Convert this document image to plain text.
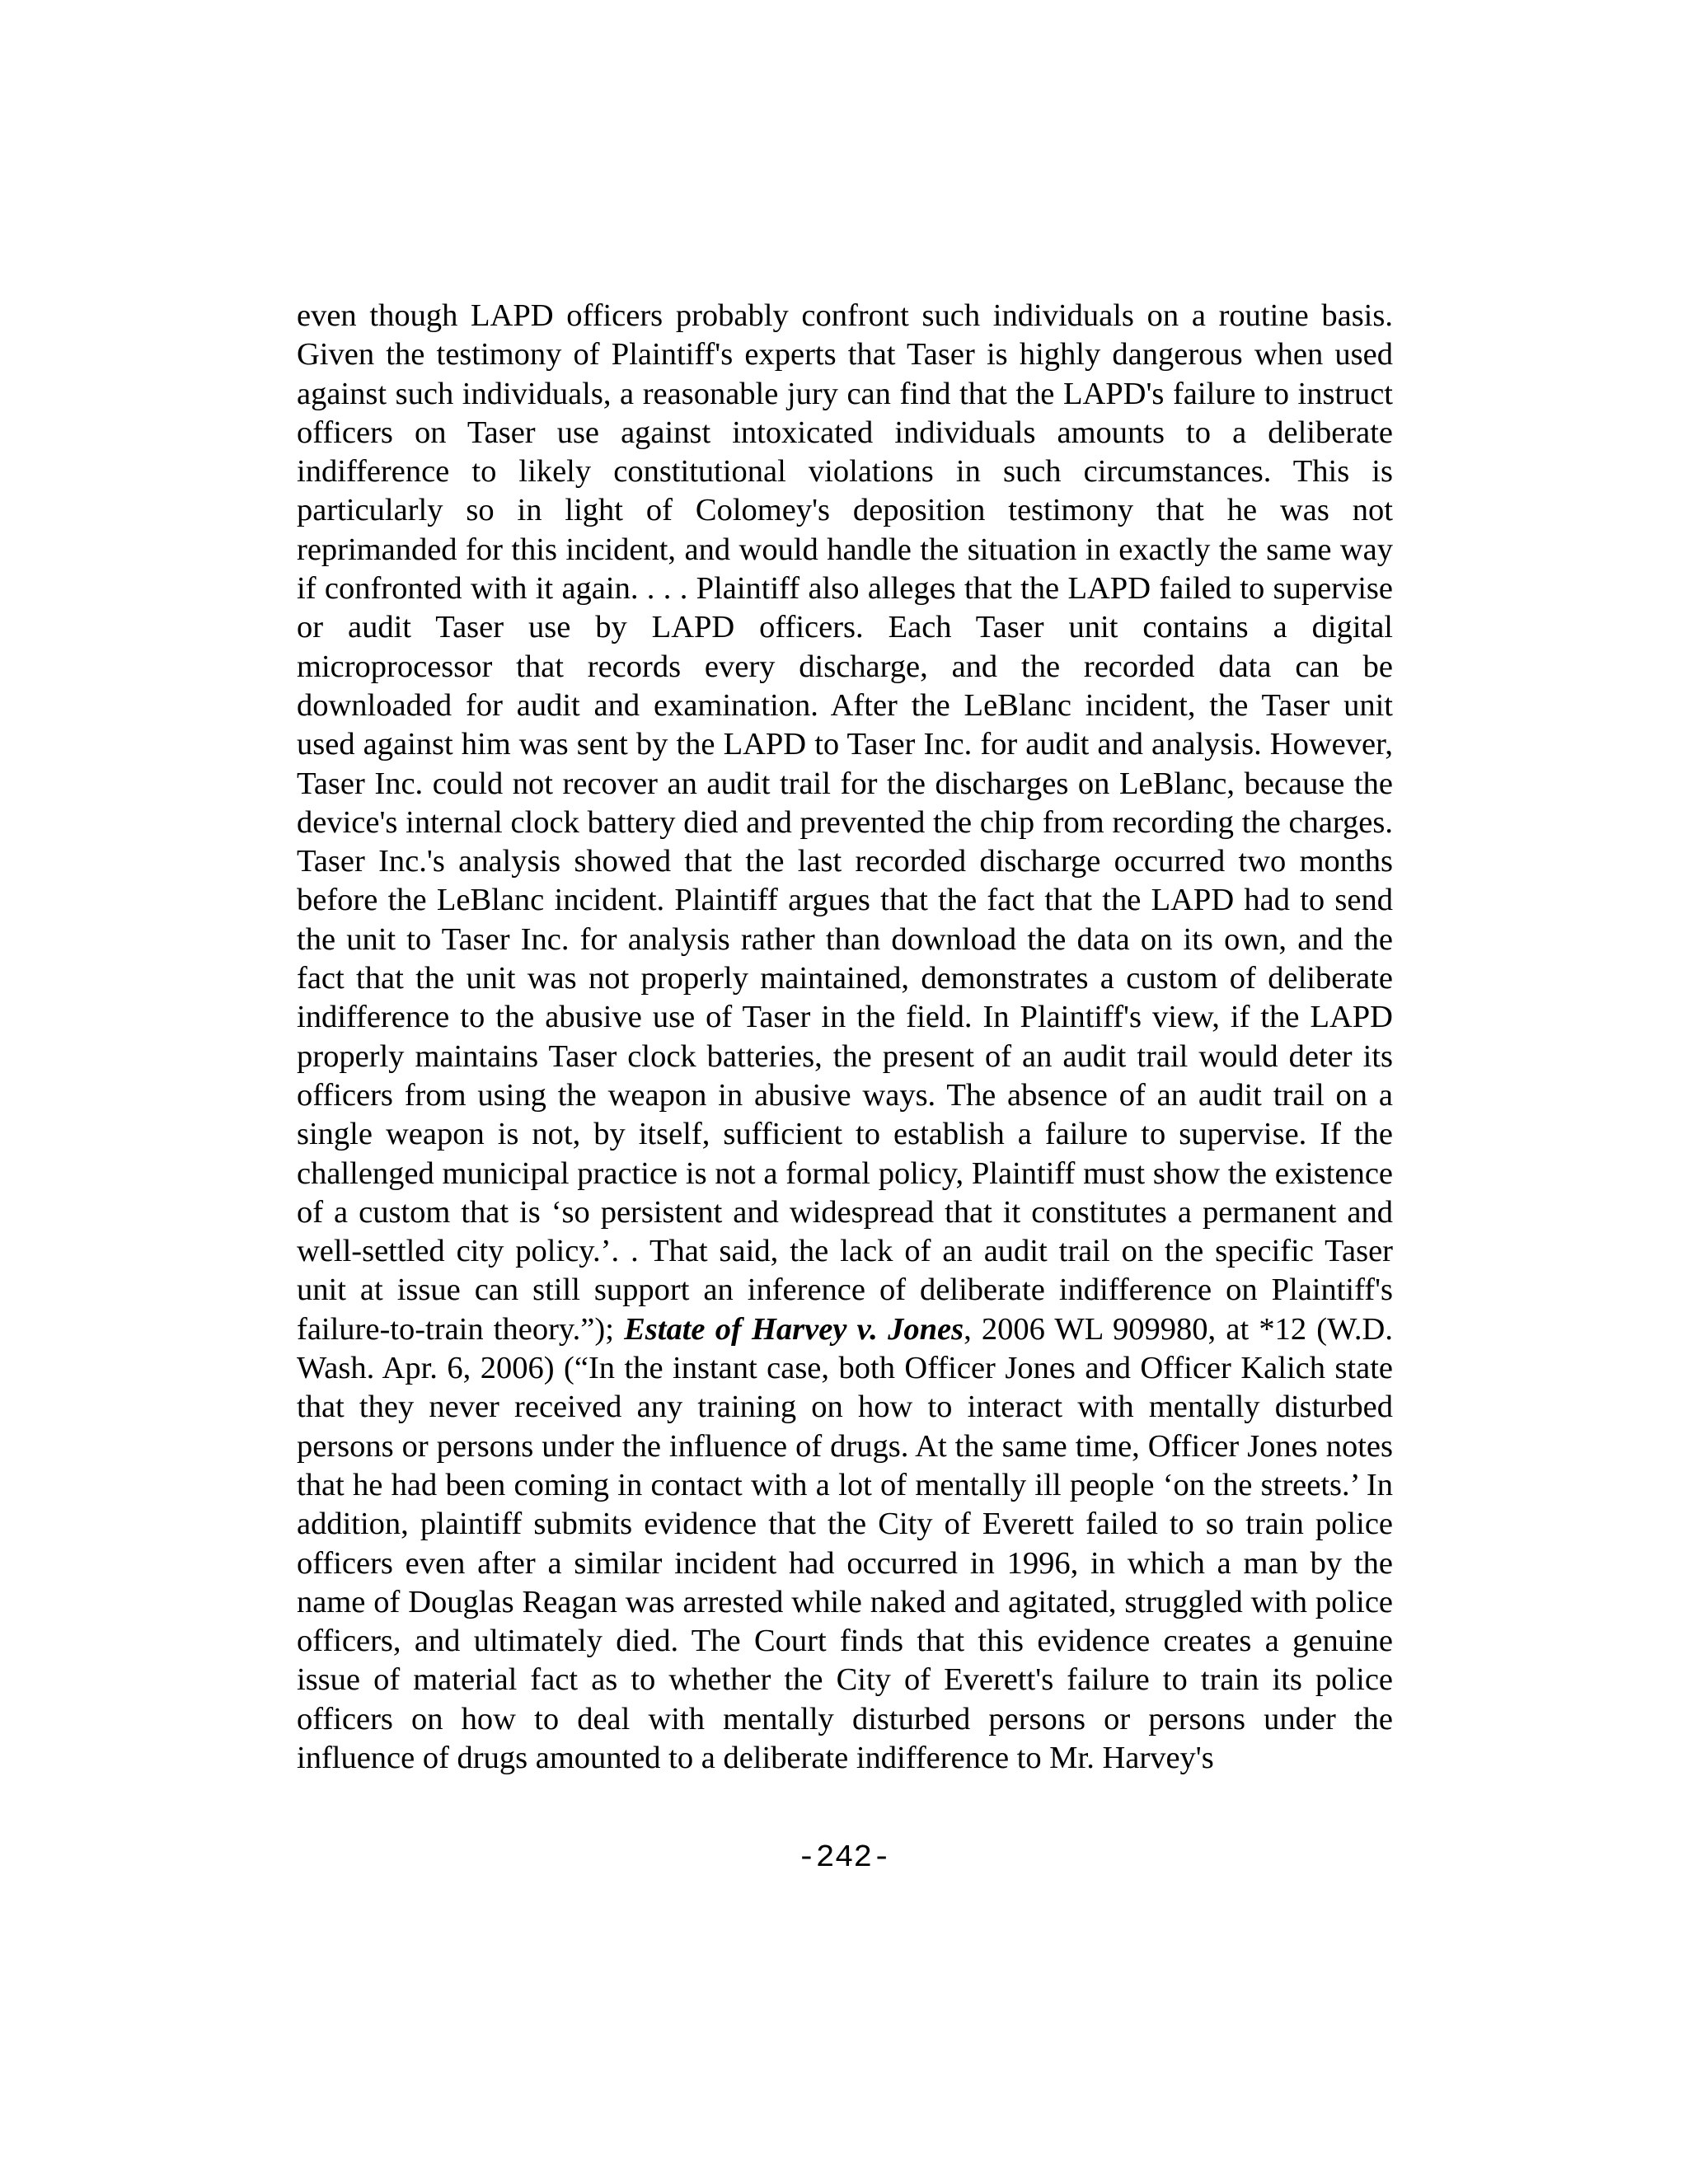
even though LAPD officers probably confront such individuals on a routine basis. Given the testimony of Plaintiff's experts that Taser is highly dangerous when used against such individuals, a reasonable jury can find that the LAPD's failure to instruct officers on Taser use against intoxicated individuals amounts to a deliberate indifference to likely constitutional violations in such circumstances. This is particularly so in light of Colomey's deposition testimony that he was not reprimanded for this incident, and would handle the situation in exactly the same way if confronted with it again. . . . Plaintiff also alleges that the LAPD failed to supervise or audit Taser use by LAPD officers. Each Taser unit contains a digital microprocessor that records every discharge, and the recorded data can be downloaded for audit and examination. After the LeBlanc incident, the Taser unit used against him was sent by the LAPD to Taser Inc. for audit and analysis. However, Taser Inc. could not recover an audit trail for the discharges on LeBlanc, because the device's internal clock battery died and prevented the chip from recording the charges. Taser Inc.'s analysis showed that the last recorded discharge occurred two months before the LeBlanc incident. Plaintiff argues that the fact that the LAPD had to send the unit to Taser Inc. for analysis rather than download the data on its own, and the fact that the unit was not properly maintained, demonstrates a custom of deliberate indifference to the abusive use of Taser in the field. In Plaintiff's view, if the LAPD properly maintains Taser clock batteries, the present of an audit trail would deter its officers from using the weapon in abusive ways. The absence of an audit trail on a single weapon is not, by itself, sufficient to establish a failure to supervise. If the challenged municipal practice is not a formal policy, Plaintiff must show the existence of a custom that is ‘so persistent and widespread that it constitutes a permanent and well-settled city policy.’. . That said, the lack of an audit trail on the specific Taser unit at issue can still support an inference of deliberate indifference on Plaintiff's failure-to-train theory.”); Estate of Harvey v. Jones, 2006 WL 909980, at *12 (W.D. Wash. Apr. 6, 2006) (“In the instant case, both Officer Jones and Officer Kalich state that they never received any training on how to interact with mentally disturbed persons or persons under the influence of drugs. At the same time, Officer Jones notes that he had been coming in contact with a lot of mentally ill people ‘on the streets.’ In addition, plaintiff submits evidence that the City of Everett failed to so train police officers even after a similar incident had occurred in 1996, in which a man by the name of Douglas Reagan was arrested while naked and agitated, struggled with police officers, and ultimately died. The Court finds that this evidence creates a genuine issue of material fact as to whether the City of Everett's failure to train its police officers on how to deal with mentally disturbed persons or persons under the influence of drugs amounted to a deliberate indifference to Mr. Harvey's

-242-
